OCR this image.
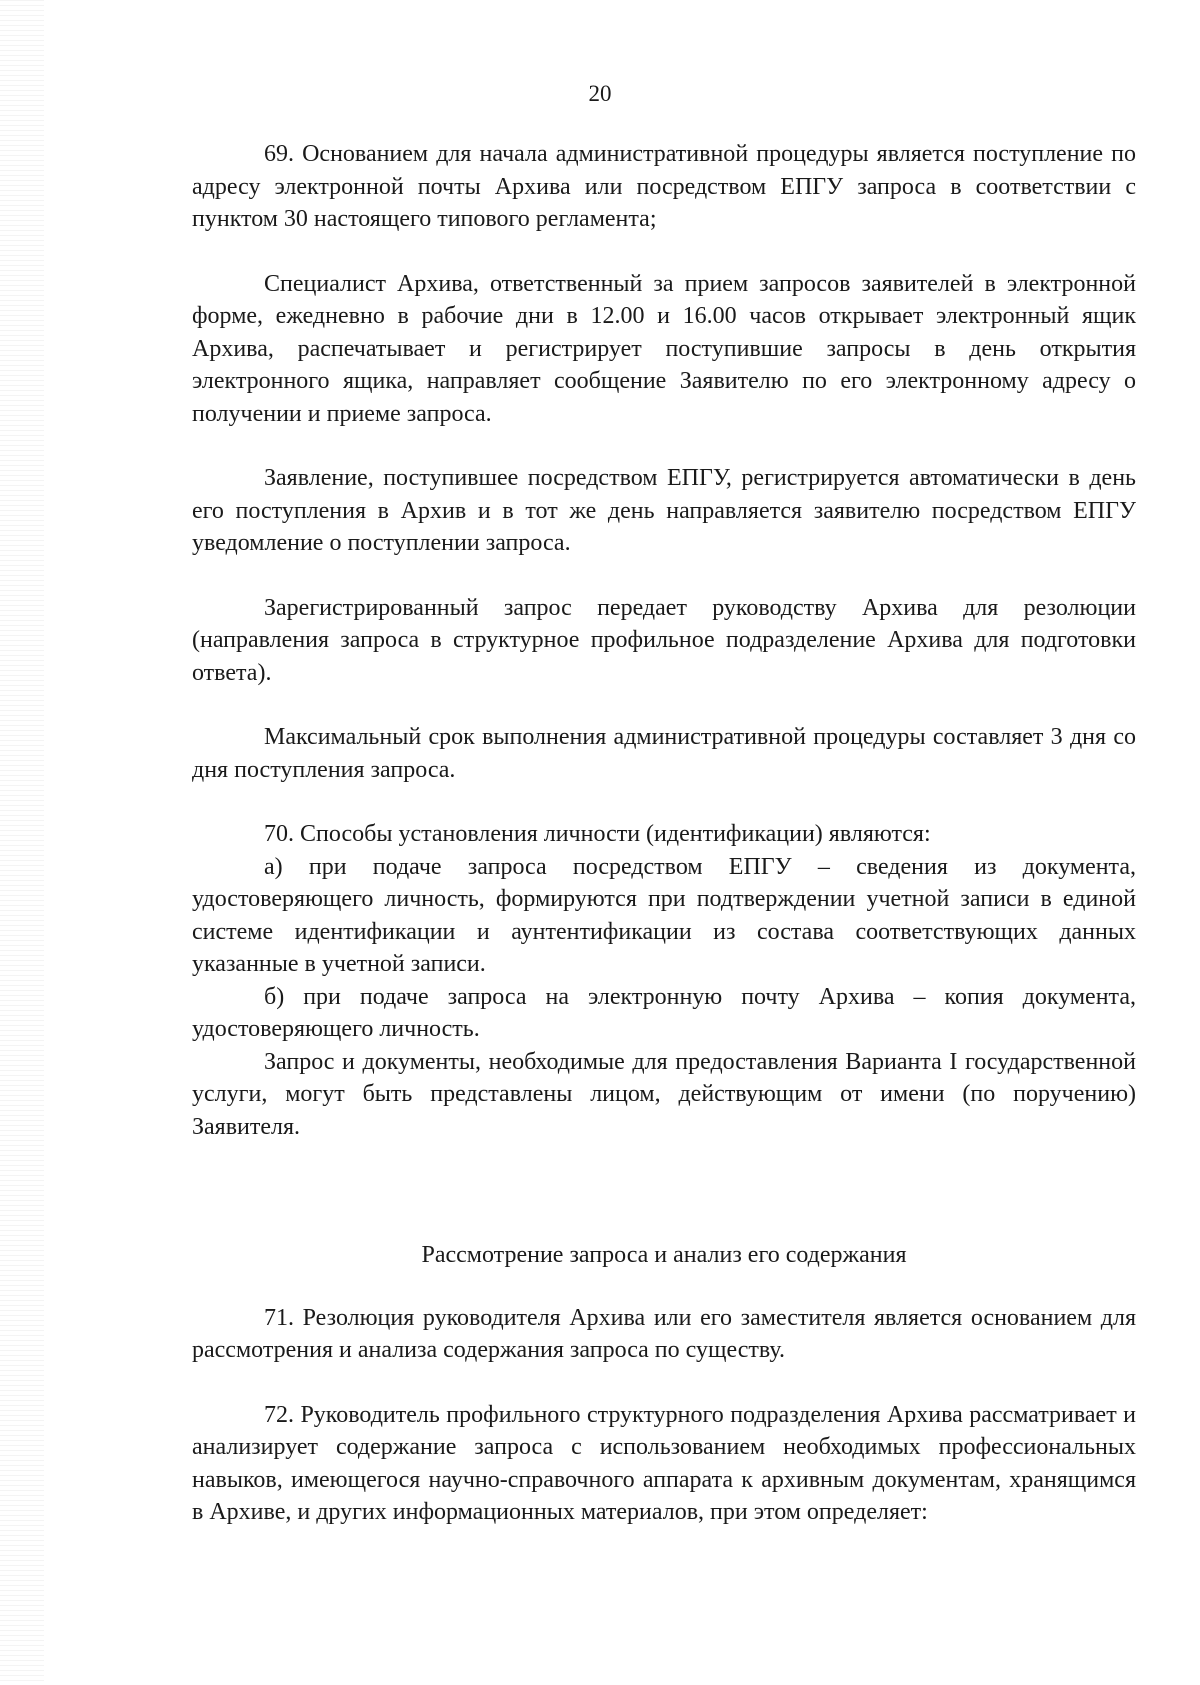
20

69. Основанием для начала административной процедуры является поступление по адресу электронной почты Архива или посредством ЕПГУ запроса в соответствии с пунктом 30 настоящего типового регламента;

Специалист Архива, ответственный за прием запросов заявителей в электронной форме, ежедневно в рабочие дни в 12.00 и 16.00 часов открывает электронный ящик Архива, распечатывает и регистрирует поступившие запросы в день открытия электронного ящика, направляет сообщение Заявителю по его электронному адресу о получении и приеме запроса.

Заявление, поступившее посредством ЕПГУ, регистрируется автоматически в день его поступления в Архив и в тот же день направляется заявителю посредством ЕПГУ уведомление о поступлении запроса.

Зарегистрированный запрос передает руководству Архива для резолюции (направления запроса в структурное профильное подразделение Архива для подготовки ответа).

Максимальный срок выполнения административной процедуры составляет 3 дня со дня поступления запроса.

70. Способы установления личности (идентификации) являются:

а) при подаче запроса посредством ЕПГУ – сведения из документа, удостоверяющего личность, формируются при подтверждении учетной записи в единой системе идентификации и аунтентификации из состава соответствующих данных указанные в учетной записи.

б) при подаче запроса на электронную почту Архива – копия документа, удостоверяющего личность.

Запрос и документы, необходимые для предоставления Варианта I государственной услуги, могут быть представлены лицом, действующим от имени (по поручению) Заявителя.

Рассмотрение запроса и анализ его содержания

71. Резолюция руководителя Архива или его заместителя является основанием для рассмотрения и анализа содержания запроса по существу.

72. Руководитель профильного структурного подразделения Архива рассматривает и анализирует содержание запроса с использованием необходимых профессиональных навыков, имеющегося научно-справочного аппарата к архивным документам, хранящимся в Архиве, и других информационных материалов, при этом определяет:
